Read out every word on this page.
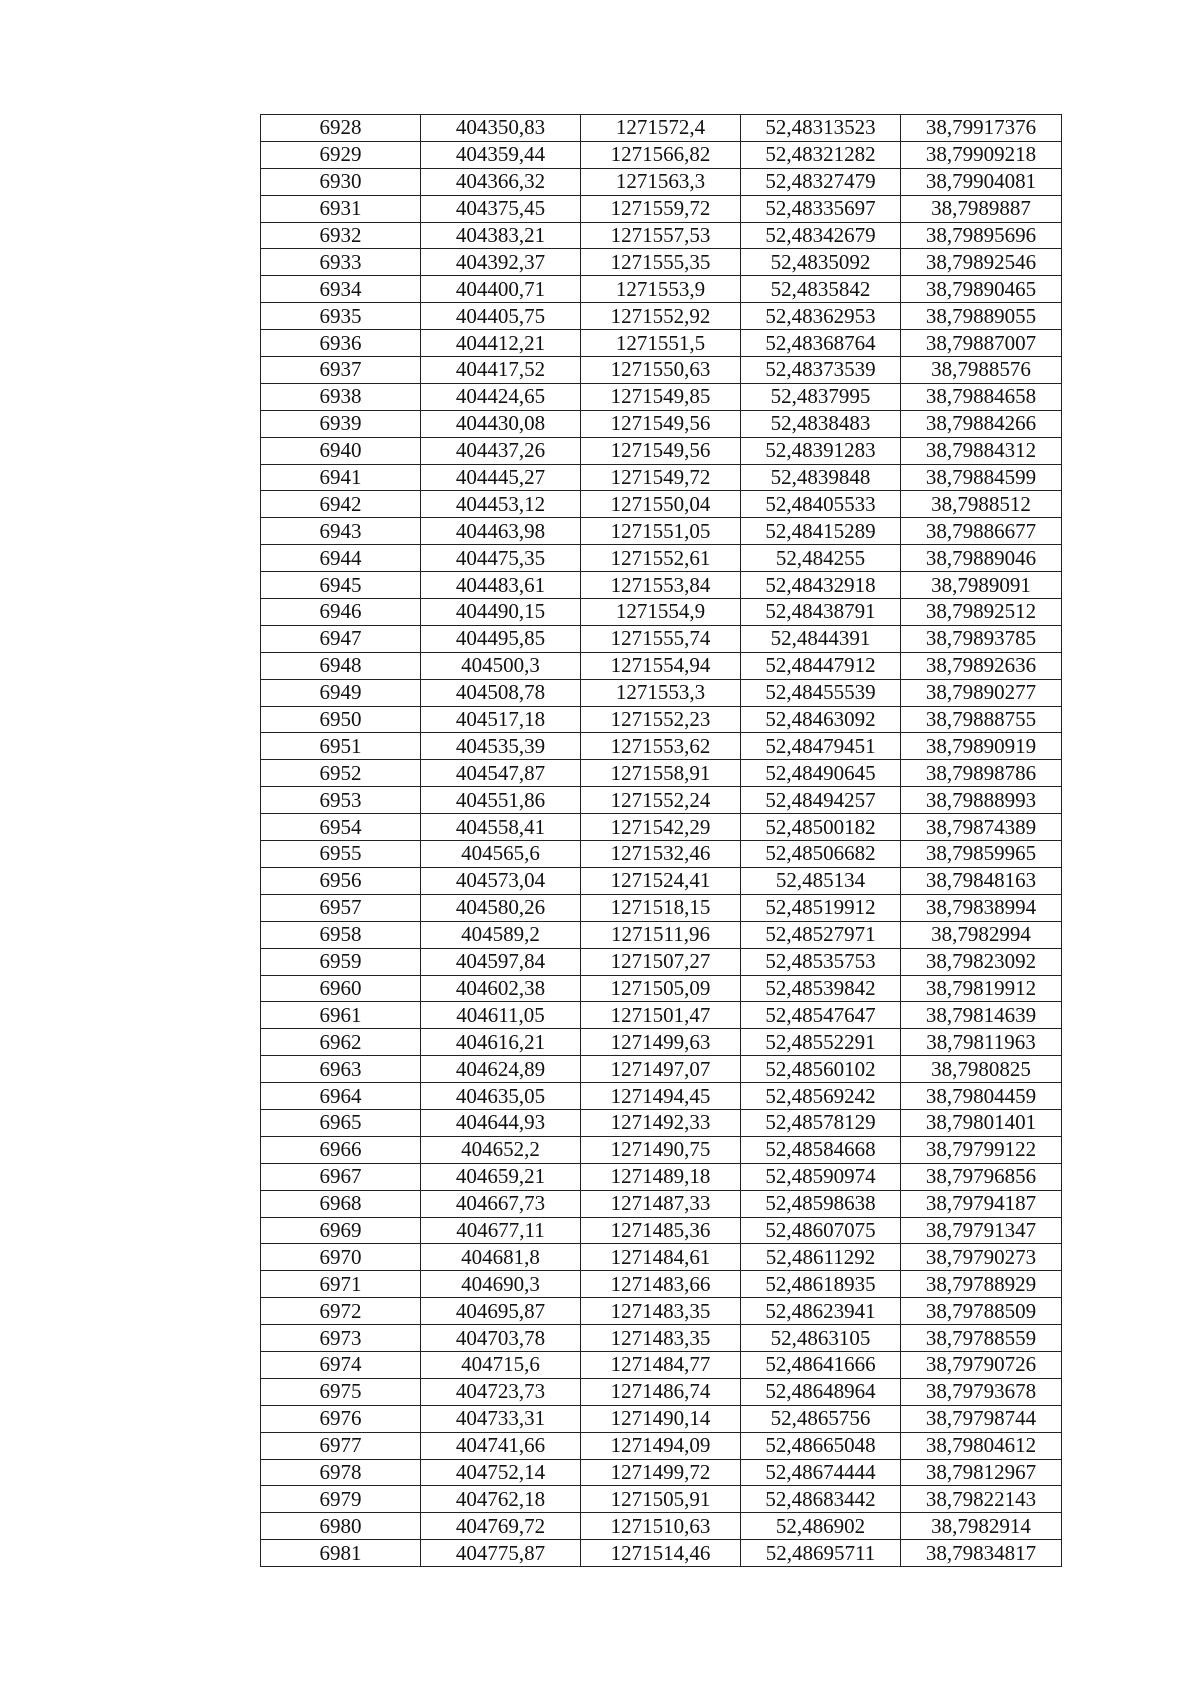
6928	404350,83	1271572,4	52,48313523	38,79917376
6929	404359,44	1271566,82	52,48321282	38,79909218
6930	404366,32	1271563,3	52,48327479	38,79904081
6931	404375,45	1271559,72	52,48335697	38,7989887
6932	404383,21	1271557,53	52,48342679	38,79895696
6933	404392,37	1271555,35	52,4835092	38,79892546
6934	404400,71	1271553,9	52,4835842	38,79890465
6935	404405,75	1271552,92	52,48362953	38,79889055
6936	404412,21	1271551,5	52,48368764	38,79887007
6937	404417,52	1271550,63	52,48373539	38,7988576
6938	404424,65	1271549,85	52,4837995	38,79884658
6939	404430,08	1271549,56	52,4838483	38,79884266
6940	404437,26	1271549,56	52,48391283	38,79884312
6941	404445,27	1271549,72	52,4839848	38,79884599
6942	404453,12	1271550,04	52,48405533	38,7988512
6943	404463,98	1271551,05	52,48415289	38,79886677
6944	404475,35	1271552,61	52,484255	38,79889046
6945	404483,61	1271553,84	52,48432918	38,7989091
6946	404490,15	1271554,9	52,48438791	38,79892512
6947	404495,85	1271555,74	52,4844391	38,79893785
6948	404500,3	1271554,94	52,48447912	38,79892636
6949	404508,78	1271553,3	52,48455539	38,79890277
6950	404517,18	1271552,23	52,48463092	38,79888755
6951	404535,39	1271553,62	52,48479451	38,79890919
6952	404547,87	1271558,91	52,48490645	38,79898786
6953	404551,86	1271552,24	52,48494257	38,79888993
6954	404558,41	1271542,29	52,48500182	38,79874389
6955	404565,6	1271532,46	52,48506682	38,79859965
6956	404573,04	1271524,41	52,485134	38,79848163
6957	404580,26	1271518,15	52,48519912	38,79838994
6958	404589,2	1271511,96	52,48527971	38,7982994
6959	404597,84	1271507,27	52,48535753	38,79823092
6960	404602,38	1271505,09	52,48539842	38,79819912
6961	404611,05	1271501,47	52,48547647	38,79814639
6962	404616,21	1271499,63	52,48552291	38,79811963
6963	404624,89	1271497,07	52,48560102	38,7980825
6964	404635,05	1271494,45	52,48569242	38,79804459
6965	404644,93	1271492,33	52,48578129	38,79801401
6966	404652,2	1271490,75	52,48584668	38,79799122
6967	404659,21	1271489,18	52,48590974	38,79796856
6968	404667,73	1271487,33	52,48598638	38,79794187
6969	404677,11	1271485,36	52,48607075	38,79791347
6970	404681,8	1271484,61	52,48611292	38,79790273
6971	404690,3	1271483,66	52,48618935	38,79788929
6972	404695,87	1271483,35	52,48623941	38,79788509
6973	404703,78	1271483,35	52,4863105	38,79788559
6974	404715,6	1271484,77	52,48641666	38,79790726
6975	404723,73	1271486,74	52,48648964	38,79793678
6976	404733,31	1271490,14	52,4865756	38,79798744
6977	404741,66	1271494,09	52,48665048	38,79804612
6978	404752,14	1271499,72	52,48674444	38,79812967
6979	404762,18	1271505,91	52,48683442	38,79822143
6980	404769,72	1271510,63	52,486902	38,7982914
6981	404775,87	1271514,46	52,48695711	38,79834817
